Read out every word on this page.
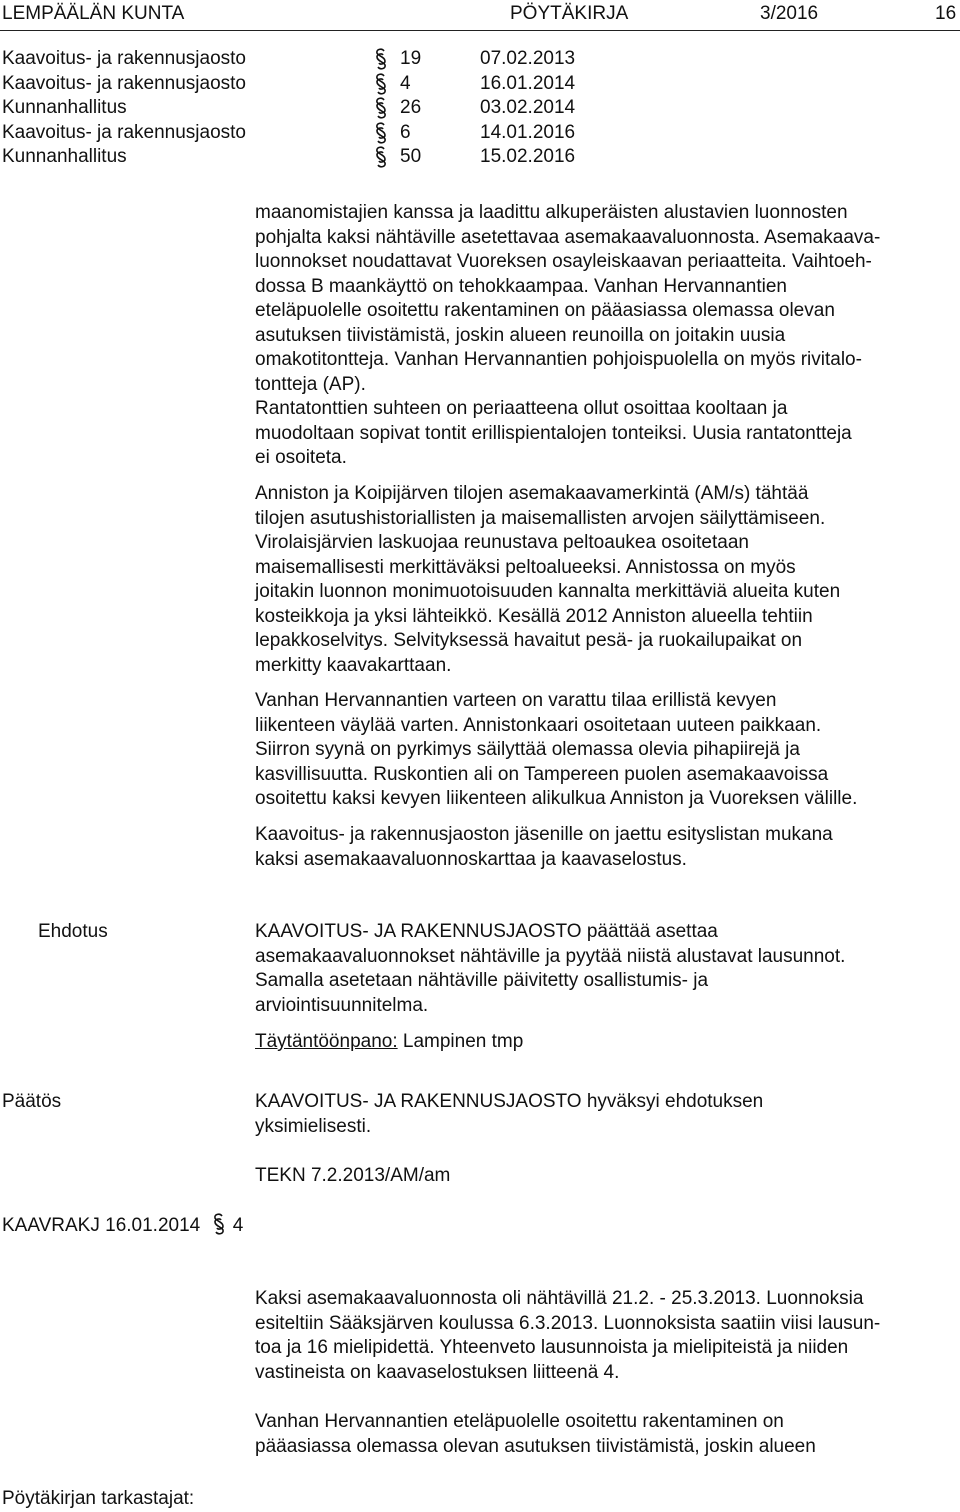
LEMPÄÄLÄN KUNTA	PÖYTÄKIRJA	3/2016	16
Kaavoitus- ja rakennusjaosto	19	07.02.2013
Kaavoitus- ja rakennusjaosto	4	16.01.2014
Kunnanhallitus	26	03.02.2014
Kaavoitus- ja rakennusjaosto	6	14.01.2016
Kunnanhallitus	50	15.02.2016

maanomistajien kanssa ja laadittu alkuperäisten alustavien luonnosten

pohjalta kaksi nähtäville asetettavaa asemakaavaluonnosta. Asemakaava-

luonnokset noudattavat Vuoreksen osayleiskaavan periaatteita. Vaihtoeh-

dossa B maankäyttö on tehokkaampaa. Vanhan Hervannantien

eteläpuolelle osoitettu rakentaminen on pääasiassa olemassa olevan

asutuksen tiivistämistä, joskin alueen reunoilla on joitakin uusia

omakotitontteja. Vanhan Hervannantien pohjoispuolella on myös rivitalo-

tontteja (AP).

Rantatonttien suhteen on periaatteena ollut osoittaa kooltaan ja

muodoltaan sopivat tontit erillispientalojen tonteiksi. Uusia rantatontteja

ei osoiteta.

Anniston ja Koipijärven tilojen asemakaavamerkintä (AM/s) tähtää

tilojen asutushistoriallisten ja maisemallisten arvojen säilyttämiseen.

Virolaisjärvien laskuojaa reunustava peltoaukea osoitetaan

maisemallisesti merkittäväksi peltoalueeksi. Annistossa on myös

joitakin luonnon monimuotoisuuden kannalta merkittäviä alueita kuten

kosteikkoja ja yksi lähteikkö. Kesällä 2012 Anniston alueella tehtiin

lepakkoselvitys. Selvityksessä havaitut pesä- ja ruokailupaikat on

merkitty kaavakarttaan.

Vanhan Hervannantien varteen on varattu tilaa erillistä kevyen

liikenteen väylää varten. Annistonkaari osoitetaan uuteen paikkaan.

Siirron syynä on pyrkimys säilyttää olemassa olevia pihapiirejä ja

kasvillisuutta. Ruskontien ali on Tampereen puolen asemakaavoissa

osoitettu kaksi kevyen liikenteen alikulkua Anniston ja Vuoreksen välille.

Kaavoitus- ja rakennusjaoston jäsenille on jaettu esityslistan mukana

kaksi asemakaavaluonnoskarttaa ja kaavaselostus.

Ehdotus	KAAVOITUS- JA RAKENNUSJAOSTO päättää asettaa

asemakaavaluonnokset nähtäville ja pyytää niistä alustavat lausunnot.

Samalla asetetaan nähtäville päivitetty osallistumis- ja

arviointisuunnitelma.

Täytäntöönpano: Lampinen tmp

Päätös	KAAVOITUS- JA RAKENNUSJAOSTO hyväksyi ehdotuksen

yksimielisesti.

TEKN 7.2.2013/AM/am

KAAVRAKJ 16.01.2014 4

Kaksi asemakaavaluonnosta oli nähtävillä 21.2. - 25.3.2013. Luonnoksia

esiteltiin Sääksjärven koulussa 6.3.2013. Luonnoksista saatiin viisi lausun-

toa ja 16 mielipidettä. Yhteenveto lausunnoista ja mielipiteistä ja niiden

vastineista on kaavaselostuksen liitteenä 4.

Vanhan Hervannantien eteläpuolelle osoitettu rakentaminen on

pääasiassa olemassa olevan asutuksen tiivistämistä, joskin alueen

Pöytäkirjan tarkastajat:
